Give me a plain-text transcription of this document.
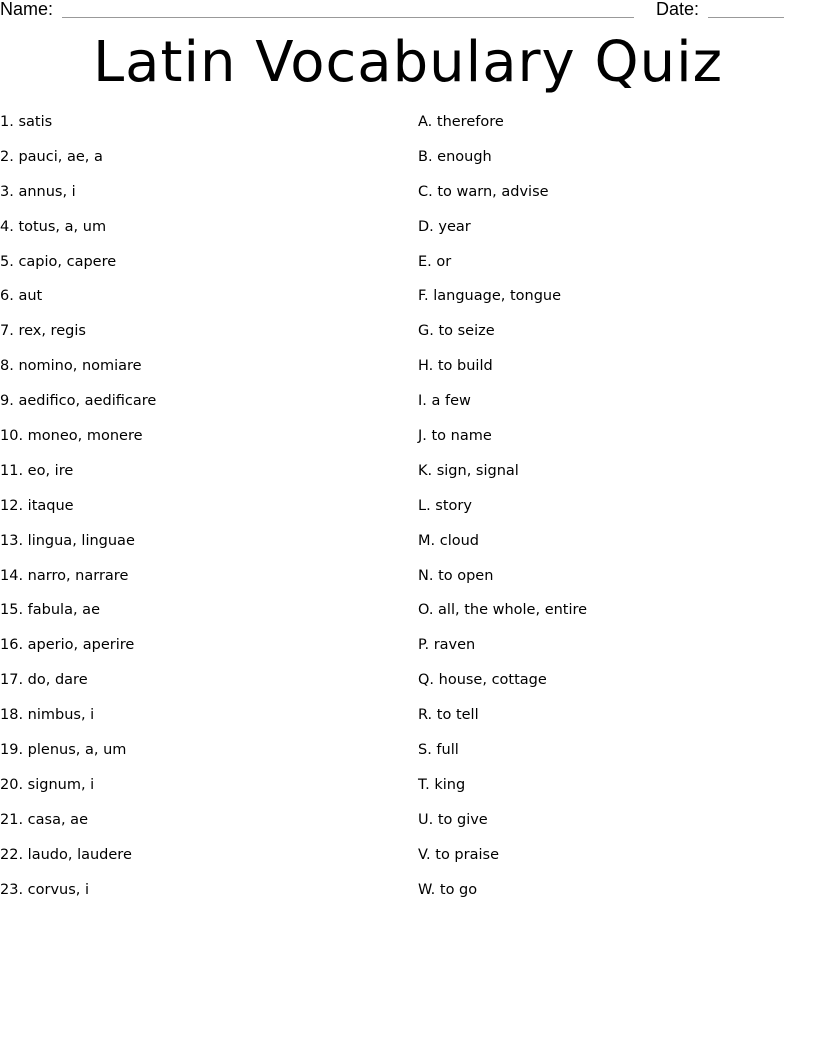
Name:	Date:
Latin Vocabulary Quiz
1. satis
2. pauci, ae, a
3. annus, i
4. totus, a, um
5. capio, capere
6. aut
7. rex, regis
8. nomino, nomiare
9. aedifico, aedificare
10. moneo, monere
11. eo, ire
12. itaque
13. lingua, linguae
14. narro, narrare
15. fabula, ae
16. aperio, aperire
17. do, dare
18. nimbus, i
19. plenus, a, um
20. signum, i
21. casa, ae
22. laudo, laudere
23. corvus, i
A. therefore
B. enough
C. to warn, advise
D. year
E. or
F. language, tongue
G. to seize
H. to build
I. a few
J. to name
K. sign, signal
L. story
M. cloud
N. to open
O. all, the whole, entire
P. raven
Q. house, cottage
R. to tell
S. full
T. king
U. to give
V. to praise
W. to go
